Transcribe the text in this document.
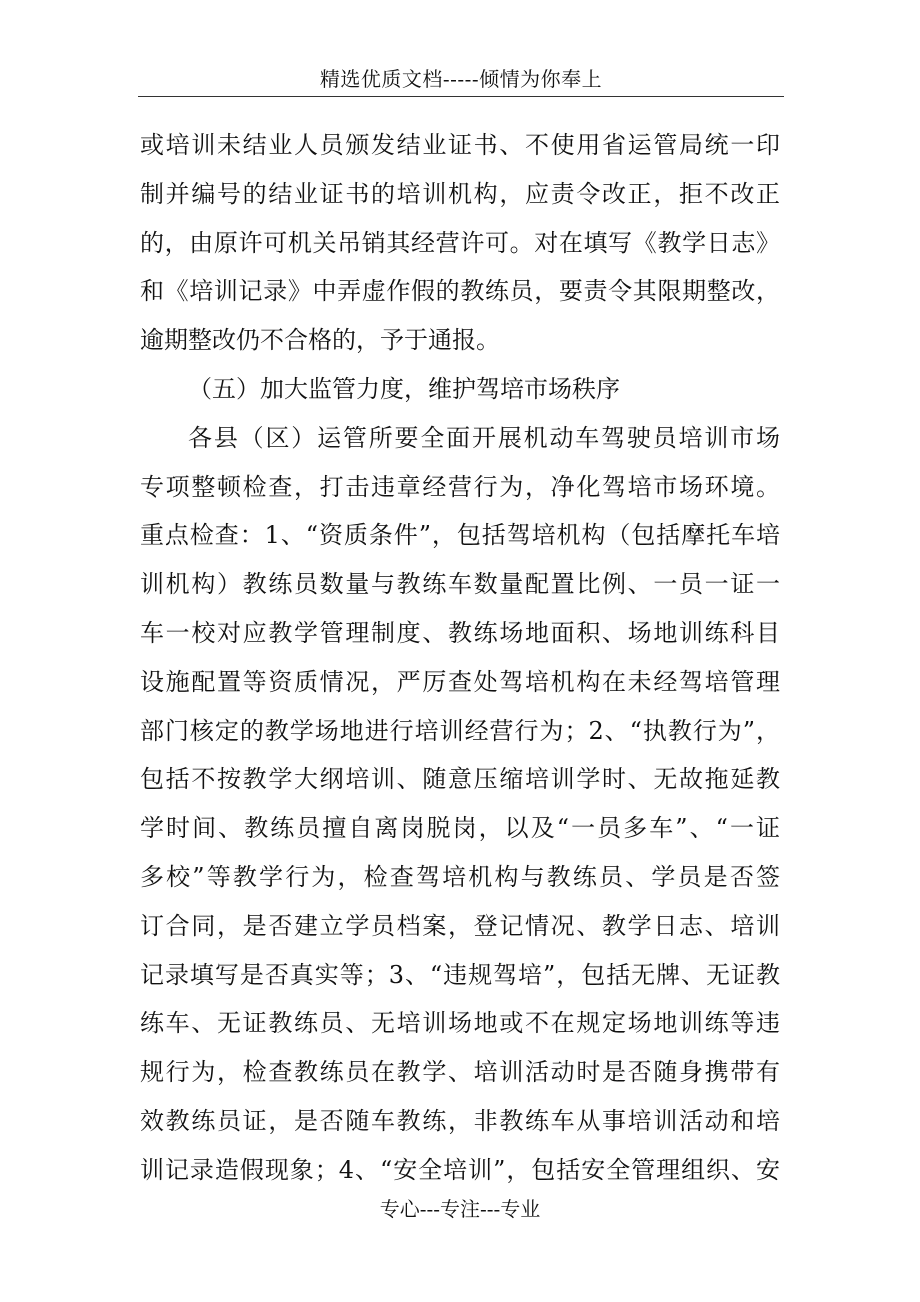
精选优质文档-----倾情为你奉上
或培训未结业人员颁发结业证书、不使用省运管局统一印
制并编号的结业证书的培训机构，应责令改正，拒不改正
的，由原许可机关吊销其经营许可。对在填写《教学日志》
和《培训记录》中弄虚作假的教练员，要责令其限期整改，
逾期整改仍不合格的，予于通报。
（五）加大监管力度，维护驾培市场秩序
各县（区）运管所要全面开展机动车驾驶员培训市场
专项整顿检查，打击违章经营行为，净化驾培市场环境。
重点检查：1、“资质条件”，包括驾培机构（包括摩托车培
训机构）教练员数量与教练车数量配置比例、一员一证一
车一校对应教学管理制度、教练场地面积、场地训练科目
设施配置等资质情况，严厉查处驾培机构在未经驾培管理
部门核定的教学场地进行培训经营行为；2、“执教行为”，
包括不按教学大纲培训、随意压缩培训学时、无故拖延教
学时间、教练员擅自离岗脱岗，以及“一员多车”、“一证
多校”等教学行为，检查驾培机构与教练员、学员是否签
订合同，是否建立学员档案，登记情况、教学日志、培训
记录填写是否真实等；3、“违规驾培”，包括无牌、无证教
练车、无证教练员、无培训场地或不在规定场地训练等违
规行为，检查教练员在教学、培训活动时是否随身携带有
效教练员证，是否随车教练，非教练车从事培训活动和培
训记录造假现象；4、“安全培训”，包括安全管理组织、安
专心---专注---专业
